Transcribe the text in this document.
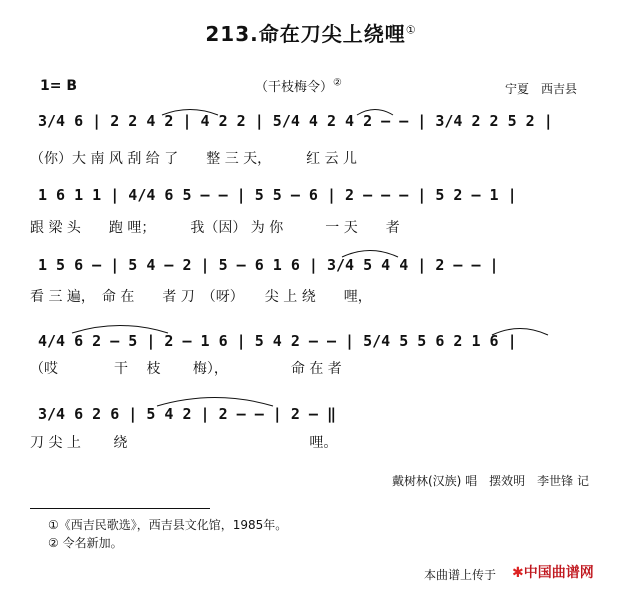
213.命在刀尖上绕哩①
1= B	（干枝梅令）②	宁夏　西吉县
3/4 6 | 2 2 4 2 | 4 2 2 | 5/4 4 2 4 2 — — | 3/4 2 2 5 2 |
（你）大 南 风 刮 给 了　　整 三 天，　　　红 云 儿
1 6 1 1 | 4/4 6 5 — — | 5 5 — 6 | 2 — — — | 5 2 — 1 |
跟 梁 头　　跑 哩；　　　我（因） 为 你　　　一 天　　者
1 5 6 — | 5 4 — 2 | 5 — 6 1 6 | 3/4 5 4 4 | 2 — — |
看 三 遍，　命 在　　者 刀　（呀）　　尖 上 绕　　哩，
4/4 6 2 — 5 | 2 — 1 6 | 5 4 2 — — | 5/4 5 5 6 2 1 6 |
（哎　　　　干　 枝　　 梅），　　　　　命 在 者
3/4 6 2 6 | 5 4 2 | 2 — — | 2 — ‖
刀 尖 上　　 绕　　　　　　　　　　　　　哩。
戴树林(汉族) 唱　摆效明　李世锋 记
①《西吉民歌选》，西吉县文化馆，1985年。
② 令名新加。
本曲谱上传于 ✱中国曲谱网
